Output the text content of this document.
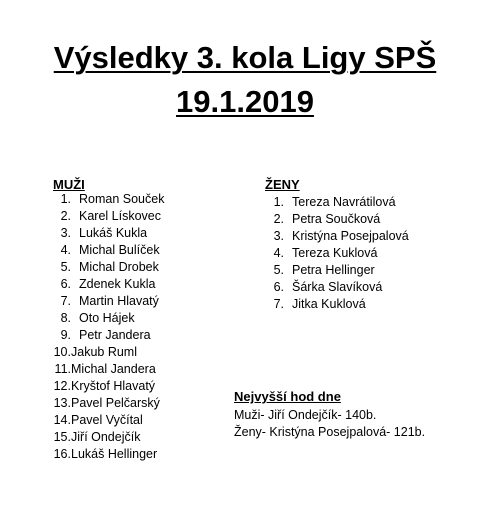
Výsledky 3. kola Ligy SPŠ
19.1.2019
MUŽI
1. Roman Souček
2. Karel Lískovec
3. Lukáš Kukla
4. Michal Bulíček
5. Michal Drobek
6. Zdenek Kukla
7. Martin Hlavatý
8. Oto Hájek
9. Petr Jandera
10.Jakub Ruml
11.Michal Jandera
12.Kryštof Hlavatý
13.Pavel Pelčarský
14.Pavel Vyčítal
15.Jiří Ondejčík
16.Lukáš Hellinger
ŽENY
1. Tereza Navrátilová
2. Petra Součková
3. Kristýna Posejpalová
4. Tereza Kuklová
5. Petra Hellinger
6. Šárka Slavíková
7. Jitka Kuklová
Nejvyšší hod dne
Muži- Jiří Ondejčík- 140b.
Ženy- Kristýna Posejpalová- 121b.
